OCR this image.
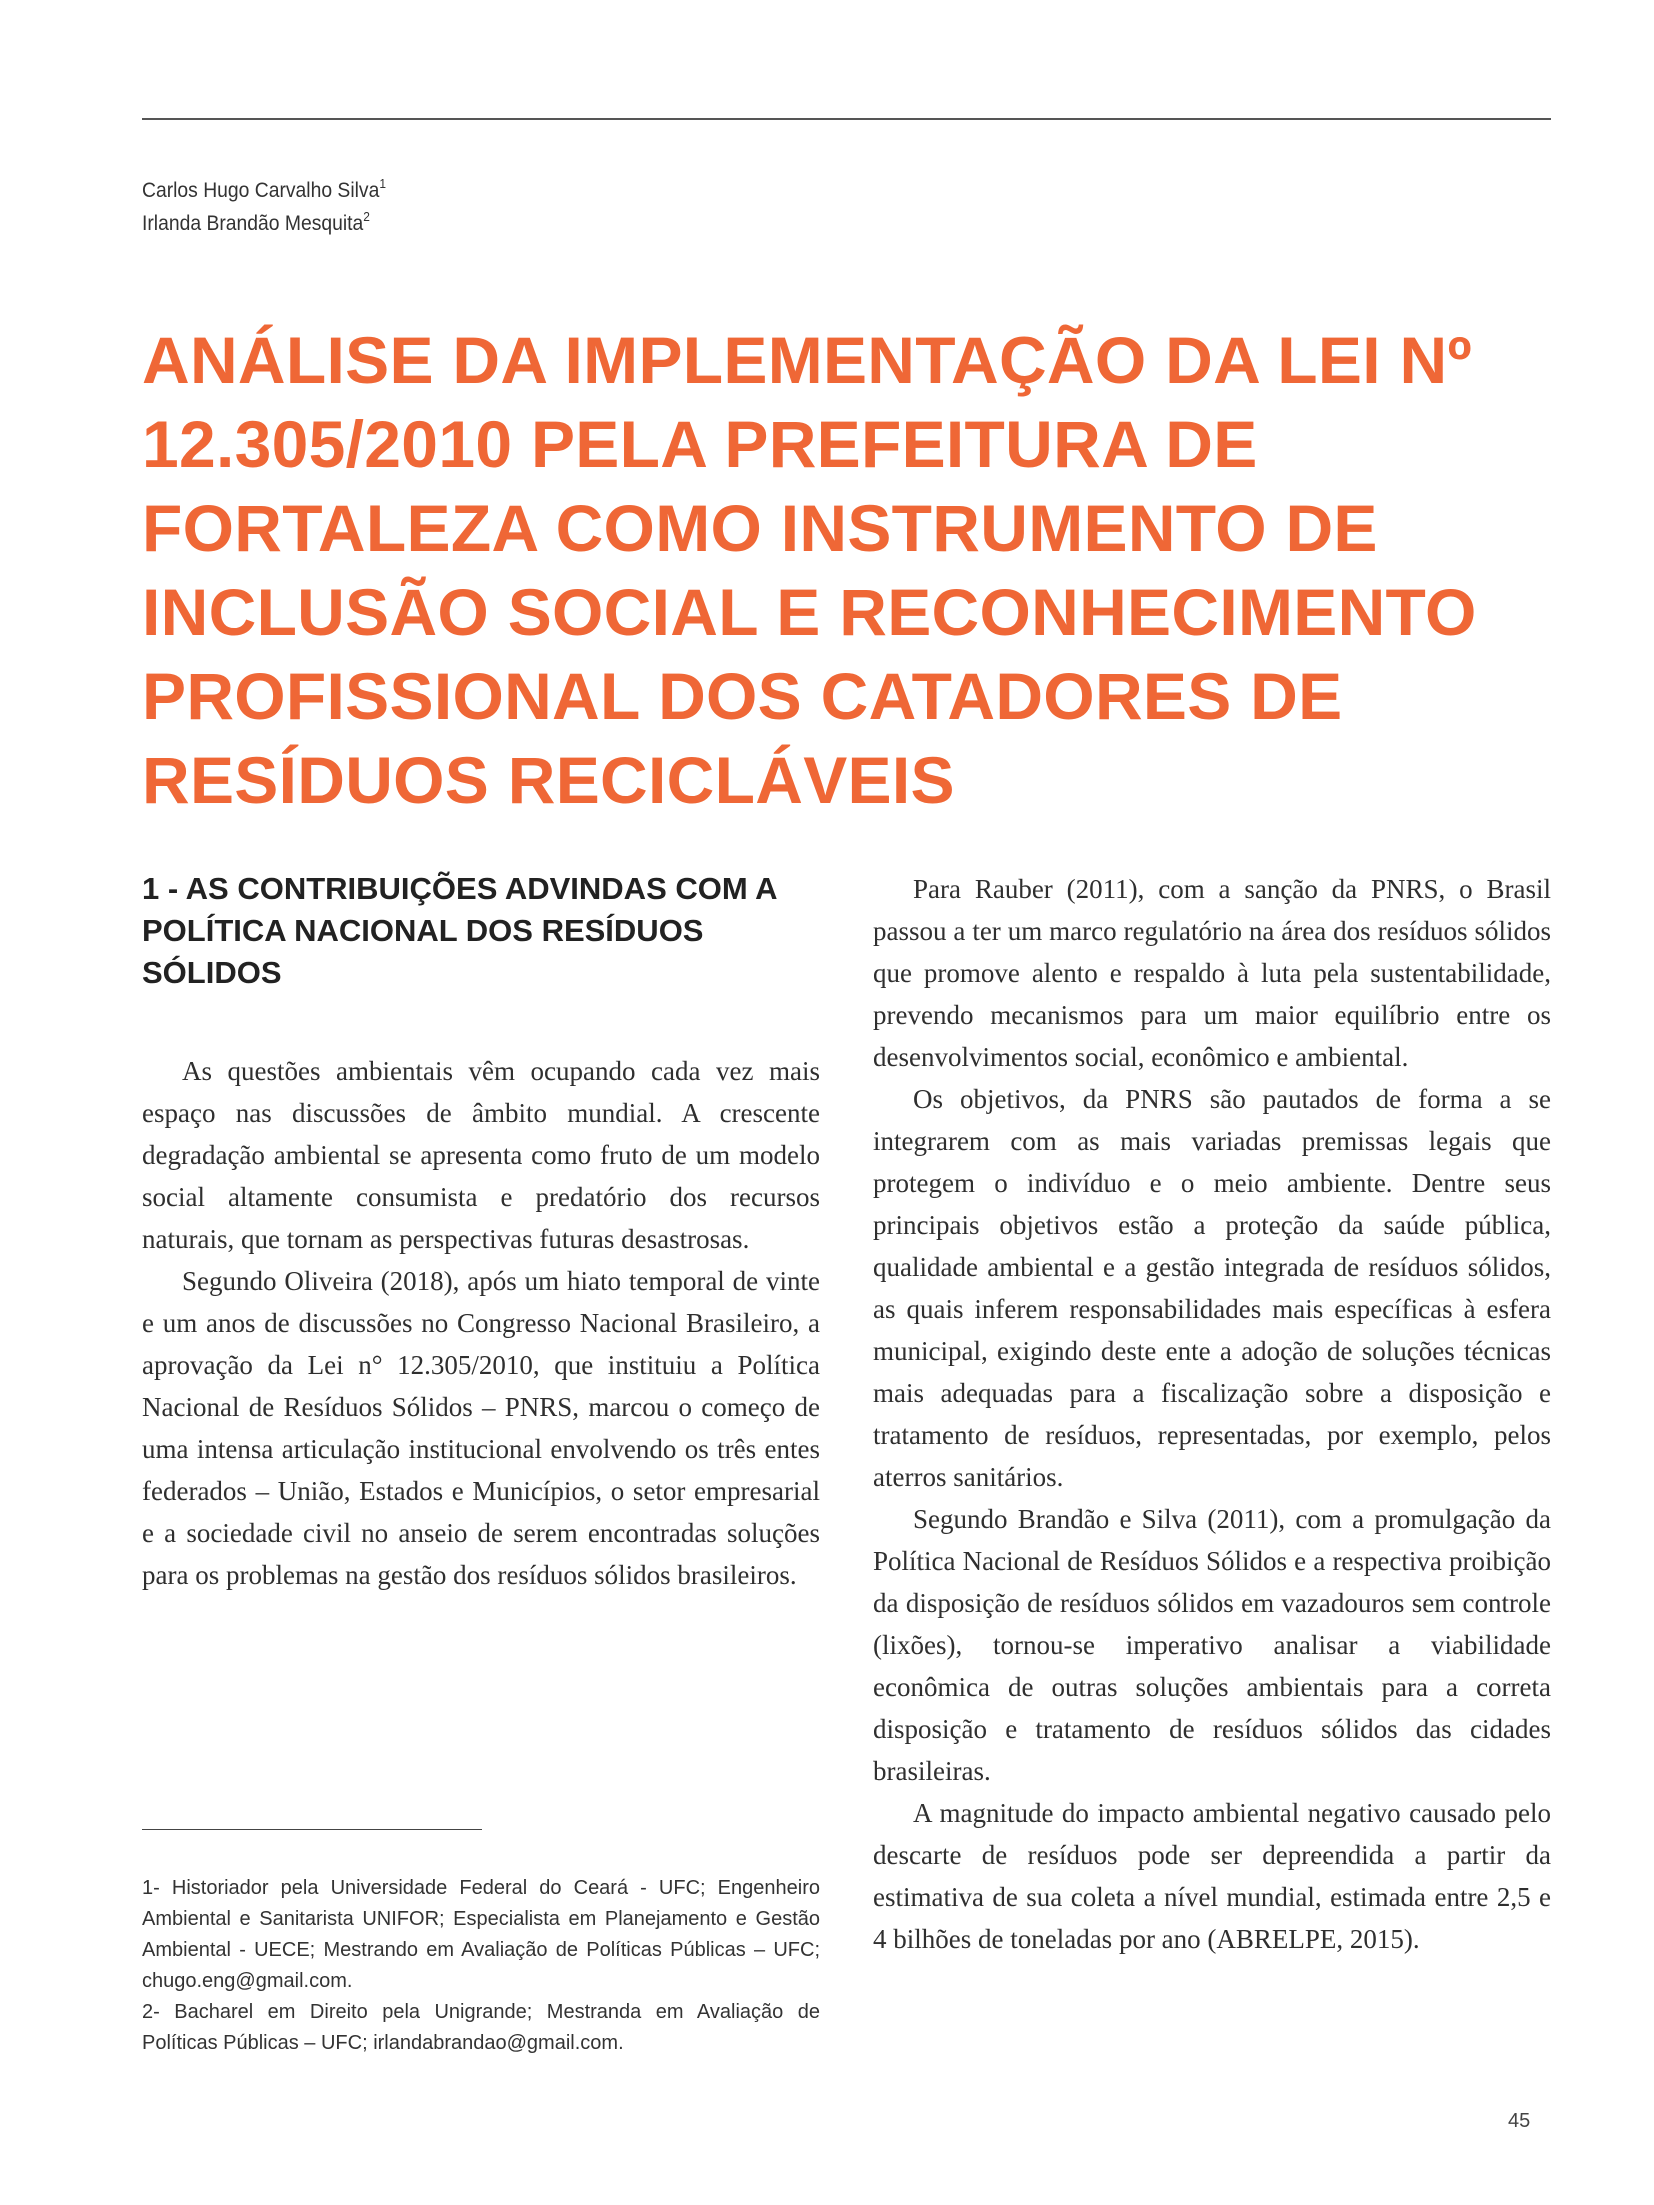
Carlos Hugo Carvalho Silva$^1$
Irlanda Brandão Mesquita$^2$
ANÁLISE DA IMPLEMENTAÇÃO DA LEI Nº 12.305/2010 PELA PREFEITURA DE FORTALEZA COMO INSTRUMENTO DE INCLUSÃO SOCIAL E RECONHECIMENTO PROFISSIONAL DOS CATADORES DE RESÍDUOS RECICLÁVEIS
1 - AS CONTRIBUIÇÕES ADVINDAS COM A POLÍTICA NACIONAL DOS RESÍDUOS SÓLIDOS

As questões ambientais vêm ocupando cada vez mais espaço nas discussões de âmbito mundial. A crescente degradação ambiental se apresenta como fruto de um modelo social altamente consumista e predatório dos recursos naturais, que tornam as perspectivas futuras desastrosas.

Segundo Oliveira (2018), após um hiato temporal de vinte e um anos de discussões no Congresso Nacional Brasileiro, a aprovação da Lei n° 12.305/2010, que instituiu a Política Nacional de Resíduos Sólidos – PNRS, marcou o começo de uma intensa articulação institucional envolvendo os três entes federados – União, Estados e Municípios, o setor empresarial e a sociedade civil no anseio de serem encontradas soluções para os problemas na gestão dos resíduos sólidos brasileiros.

Para Rauber (2011), com a sanção da PNRS, o Brasil passou a ter um marco regulatório na área dos resíduos sólidos que promove alento e respaldo à luta pela sustentabilidade, prevendo mecanismos para um maior equilíbrio entre os desenvolvimentos social, econômico e ambiental.

Os objetivos, da PNRS são pautados de forma a se integrarem com as mais variadas premissas legais que protegem o indivíduo e o meio ambiente. Dentre seus principais objetivos estão a proteção da saúde pública, qualidade ambiental e a gestão integrada de resíduos sólidos, as quais inferem responsabilidades mais específicas à esfera municipal, exigindo deste ente a adoção de soluções técnicas mais adequadas para a fiscalização sobre a disposição e tratamento de resíduos, representadas, por exemplo, pelos aterros sanitários.

Segundo Brandão e Silva (2011), com a promulgação da Política Nacional de Resíduos Sólidos e a respectiva proibição da disposição de resíduos sólidos em vazadouros sem controle (lixões), tornou-se imperativo analisar a viabilidade econômica de outras soluções ambientais para a correta disposição e tratamento de resíduos sólidos das cidades brasileiras.

A magnitude do impacto ambiental negativo causado pelo descarte de resíduos pode ser depreendida a partir da estimativa de sua coleta a nível mundial, estimada entre 2,5 e 4 bilhões de toneladas por ano (ABRELPE, 2015).

1- Historiador pela Universidade Federal do Ceará - UFC; Engenheiro Ambiental e Sanitarista UNIFOR; Especialista em Planejamento e Gestão Ambiental - UECE; Mestrando em Avaliação de Políticas Públicas – UFC; chugo.eng@gmail.com.

2- Bacharel em Direito pela Unigrande; Mestranda em Avaliação de Políticas Públicas – UFC; irlandabrandao@gmail.com.

45
